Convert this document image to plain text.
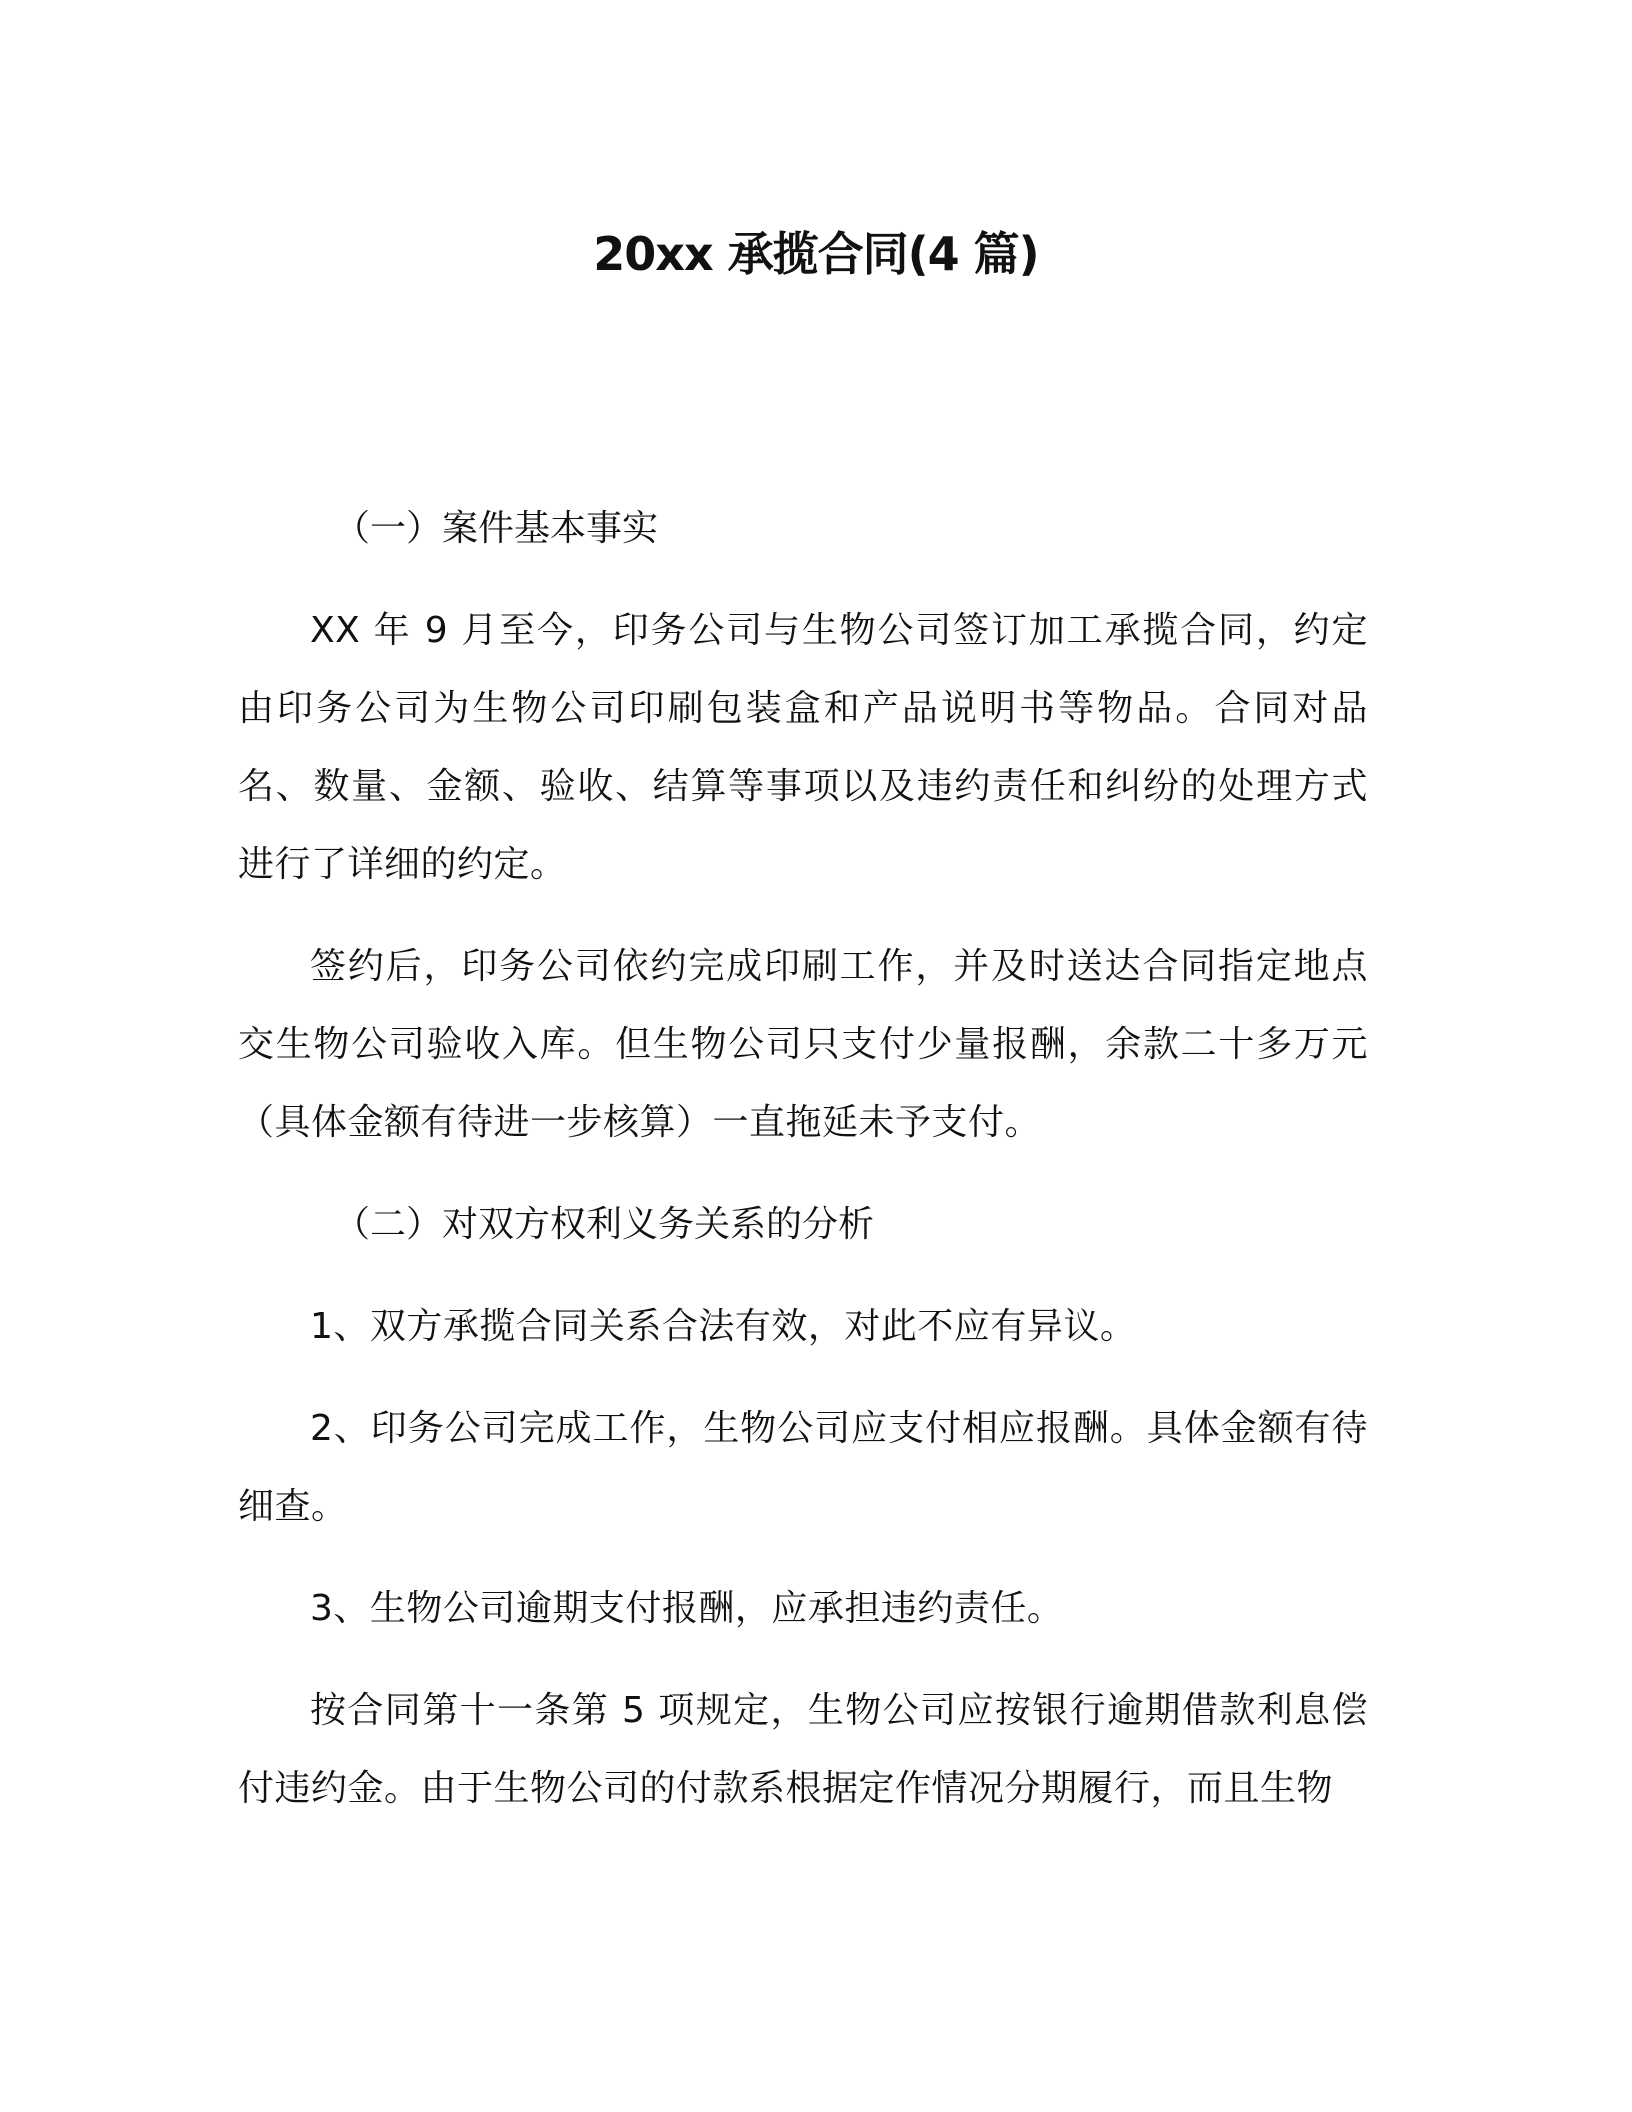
20xx 承揽合同(4 篇)

（一）案件基本事实

XX 年 9 月至今，印务公司与生物公司签订加工承揽合同，约定由印务公司为生物公司印刷包装盒和产品说明书等物品。合同对品名、数量、金额、验收、结算等事项以及违约责任和纠纷的处理方式进行了详细的约定。

签约后，印务公司依约完成印刷工作，并及时送达合同指定地点交生物公司验收入库。但生物公司只支付少量报酬，余款二十多万元（具体金额有待进一步核算）一直拖延未予支付。

（二）对双方权利义务关系的分析

1、双方承揽合同关系合法有效，对此不应有异议。

2、印务公司完成工作，生物公司应支付相应报酬。具体金额有待细查。

3、生物公司逾期支付报酬，应承担违约责任。

按合同第十一条第 5 项规定，生物公司应按银行逾期借款利息偿付违约金。由于生物公司的付款系根据定作情况分期履行，而且生物
